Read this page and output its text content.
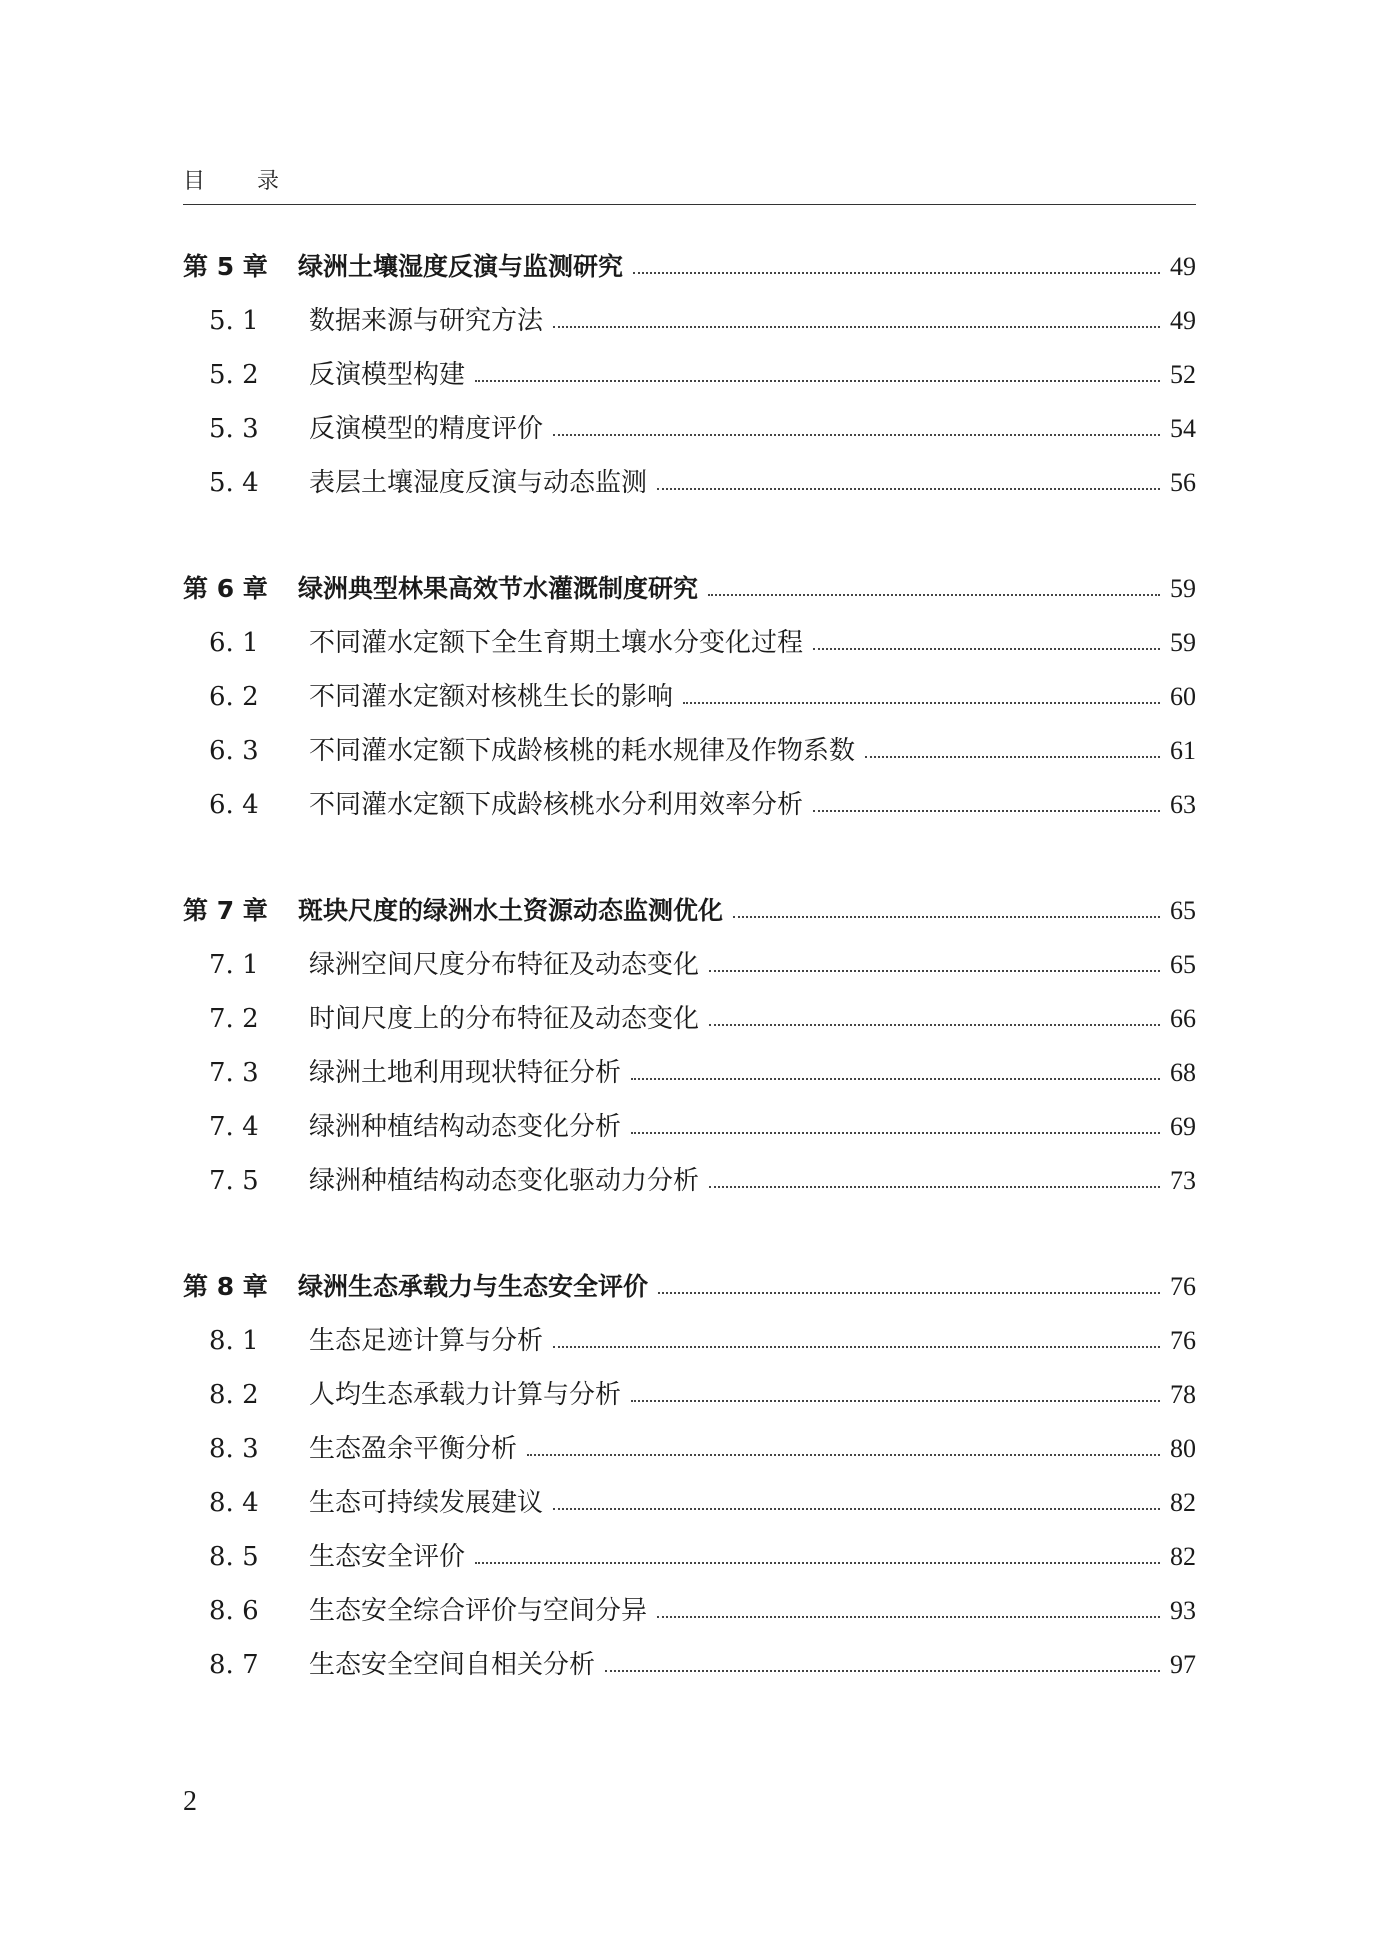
目录
第 5 章	绿洲土壤湿度反演与监测研究	49
5. 1	数据来源与研究方法	49
5. 2	反演模型构建	52
5. 3	反演模型的精度评价	54
5. 4	表层土壤湿度反演与动态监测	56
第 6 章	绿洲典型林果高效节水灌溉制度研究	59
6. 1	不同灌水定额下全生育期土壤水分变化过程	59
6. 2	不同灌水定额对核桃生长的影响	60
6. 3	不同灌水定额下成龄核桃的耗水规律及作物系数	61
6. 4	不同灌水定额下成龄核桃水分利用效率分析	63
第 7 章	斑块尺度的绿洲水土资源动态监测优化	65
7. 1	绿洲空间尺度分布特征及动态变化	65
7. 2	时间尺度上的分布特征及动态变化	66
7. 3	绿洲土地利用现状特征分析	68
7. 4	绿洲种植结构动态变化分析	69
7. 5	绿洲种植结构动态变化驱动力分析	73
第 8 章	绿洲生态承载力与生态安全评价	76
8. 1	生态足迹计算与分析	76
8. 2	人均生态承载力计算与分析	78
8. 3	生态盈余平衡分析	80
8. 4	生态可持续发展建议	82
8. 5	生态安全评价	82
8. 6	生态安全综合评价与空间分异	93
8. 7	生态安全空间自相关分析	97
2
